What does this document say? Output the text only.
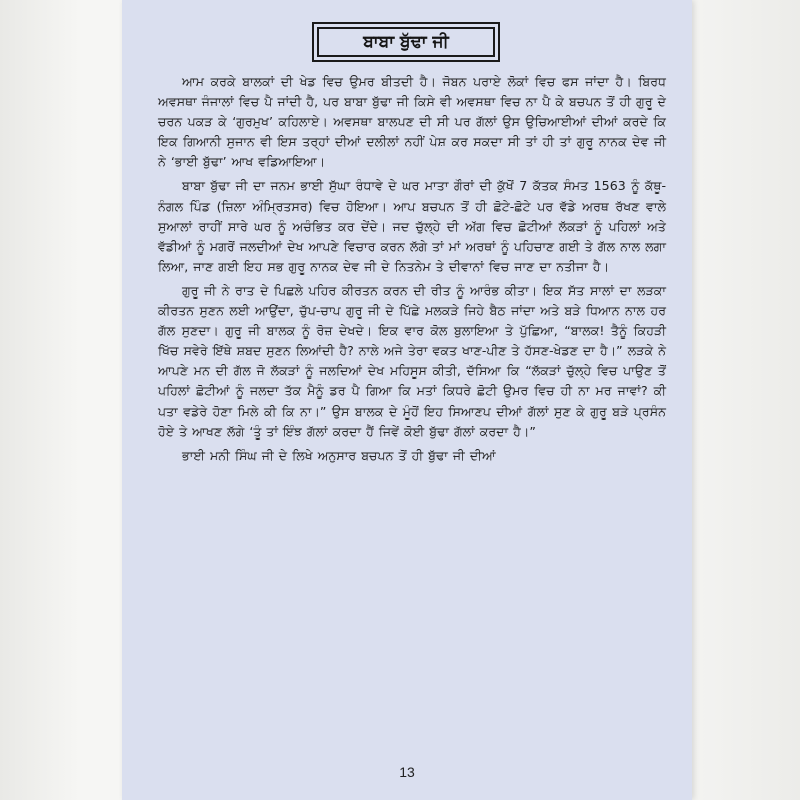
ਬਾਬਾ ਬੁੱਢਾ ਜੀ

ਆਮ ਕਰਕੇ ਬਾਲਕਾਂ ਦੀ ਖੇਡ ਵਿਚ ਉਮਰ ਬੀਤਦੀ ਹੈ। ਜੋਬਨ ਪਰਾਏ ਲੋਕਾਂ ਵਿਚ ਫਸ ਜਾਂਦਾ ਹੈ। ਬਿਰਧ ਅਵਸਥਾ ਜੰਜਾਲਾਂ ਵਿਚ ਪੈ ਜਾਂਦੀ ਹੈ, ਪਰ ਬਾਬਾ ਬੁੱਢਾ ਜੀ ਕਿਸੇ ਵੀ ਅਵਸਥਾ ਵਿਚ ਨਾ ਪੈ ਕੇ ਬਚਪਨ ਤੋਂ ਹੀ ਗੁਰੂ ਦੇ ਚਰਨ ਪਕੜ ਕੇ ‘ਗੁਰਮੁਖ’ ਕਹਿਲਾਏ। ਅਵਸਥਾ ਬਾਲਪਣ ਦੀ ਸੀ ਪਰ ਗੱਲਾਂ ਉਸ ਉਚਿਆਈਆਂ ਦੀਆਂ ਕਰਦੇ ਕਿ ਇਕ ਗਿਆਨੀ ਸੁਜਾਨ ਵੀ ਇਸ ਤਰ੍ਹਾਂ ਦੀਆਂ ਦਲੀਲਾਂ ਨਹੀਂ ਪੇਸ਼ ਕਰ ਸਕਦਾ ਸੀ ਤਾਂ ਹੀ ਤਾਂ ਗੁਰੂ ਨਾਨਕ ਦੇਵ ਜੀ ਨੇ ‘ਭਾਈ ਬੁੱਢਾ’ ਆਖ ਵਡਿਆਇਆ।

ਬਾਬਾ ਬੁੱਢਾ ਜੀ ਦਾ ਜਨਮ ਭਾਈ ਸੁੱਘਾ ਰੰਧਾਵੇ ਦੇ ਘਰ ਮਾਤਾ ਗੌਰਾਂ ਦੀ ਕੁੱਖੋਂ 7 ਕੱਤਕ ਸੰਮਤ 1563 ਨੂੰ ਕੱਥੂ-ਨੰਗਲ ਪਿੰਡ (ਜ਼ਿਲਾ ਅੰਮ੍ਰਿਤਸਰ) ਵਿਚ ਹੋਇਆ। ਆਪ ਬਚਪਨ ਤੋਂ ਹੀ ਛੋਟੇ-ਛੋਟੇ ਪਰ ਵੱਡੇ ਅਰਥ ਰੱਖਣ ਵਾਲੇ ਸੁਆਲਾਂ ਰਾਹੀਂ ਸਾਰੇ ਘਰ ਨੂੰ ਅਚੰਭਿਤ ਕਰ ਦੇਂਦੇ। ਜਦ ਚੁੱਲ੍ਹੇ ਦੀ ਅੱਗ ਵਿਚ ਛੋਟੀਆਂ ਲੱਕੜਾਂ ਨੂੰ ਪਹਿਲਾਂ ਅਤੇ ਵੱਡੀਆਂ ਨੂੰ ਮਗਰੋਂ ਜਲਦੀਆਂ ਦੇਖ ਆਪਣੇ ਵਿਚਾਰ ਕਰਨ ਲੱਗੇ ਤਾਂ ਮਾਂ ਅਰਥਾਂ ਨੂੰ ਪਹਿਚਾਣ ਗਈ ਤੇ ਗੱਲ ਨਾਲ ਲਗਾ ਲਿਆ, ਜਾਣ ਗਈ ਇਹ ਸਭ ਗੁਰੂ ਨਾਨਕ ਦੇਵ ਜੀ ਦੇ ਨਿਤਨੇਮ ਤੇ ਦੀਵਾਨਾਂ ਵਿਚ ਜਾਣ ਦਾ ਨਤੀਜਾ ਹੈ।

ਗੁਰੂ ਜੀ ਨੇ ਰਾਤ ਦੇ ਪਿਛਲੇ ਪਹਿਰ ਕੀਰਤਨ ਕਰਨ ਦੀ ਰੀਤ ਨੂੰ ਆਰੰਭ ਕੀਤਾ। ਇਕ ਸੱਤ ਸਾਲਾਂ ਦਾ ਲੜਕਾ ਕੀਰਤਨ ਸੁਣਨ ਲਈ ਆਉਂਦਾ, ਚੁੱਪ-ਚਾਪ ਗੁਰੂ ਜੀ ਦੇ ਪਿੱਛੇ ਮਲਕੜੇ ਜਿਹੇ ਬੈਠ ਜਾਂਦਾ ਅਤੇ ਬੜੇ ਧਿਆਨ ਨਾਲ ਹਰ ਗੱਲ ਸੁਣਦਾ। ਗੁਰੂ ਜੀ ਬਾਲਕ ਨੂੰ ਰੋਜ਼ ਦੇਖਦੇ। ਇਕ ਵਾਰ ਕੋਲ ਬੁਲਾਇਆ ਤੇ ਪੁੱਛਿਆ, “ਬਾਲਕ! ਤੈਨੂੰ ਕਿਹੜੀ ਖਿੱਚ ਸਵੇਰੇ ਇੱਥੇ ਸ਼ਬਦ ਸੁਣਨ ਲਿਆਂਦੀ ਹੈ? ਨਾਲੇ ਅਜੇ ਤੇਰਾ ਵਕਤ ਖਾਣ-ਪੀਣ ਤੇ ਹੱਸਣ-ਖੇਡਣ ਦਾ ਹੈ।” ਲੜਕੇ ਨੇ ਆਪਣੇ ਮਨ ਦੀ ਗੱਲ ਜੋ ਲੱਕੜਾਂ ਨੂੰ ਜਲਦਿਆਂ ਦੇਖ ਮਹਿਸੂਸ ਕੀਤੀ, ਦੱਸਿਆ ਕਿ “ਲੱਕੜਾਂ ਚੁੱਲ੍ਹੇ ਵਿਚ ਪਾਉਣ ਤੋਂ ਪਹਿਲਾਂ ਛੋਟੀਆਂ ਨੂੰ ਜਲਦਾ ਤੱਕ ਮੈਨੂੰ ਡਰ ਪੈ ਗਿਆ ਕਿ ਮਤਾਂ ਕਿਧਰੇ ਛੋਟੀ ਉਮਰ ਵਿਚ ਹੀ ਨਾ ਮਰ ਜਾਵਾਂ? ਕੀ ਪਤਾ ਵਡੇਰੇ ਹੋਣਾ ਮਿਲੇ ਕੀ ਕਿ ਨਾ।” ਉਸ ਬਾਲਕ ਦੇ ਮੂੰਹੋਂ ਇਹ ਸਿਆਣਪ ਦੀਆਂ ਗੱਲਾਂ ਸੁਣ ਕੇ ਗੁਰੂ ਬੜੇ ਪ੍ਰਸੰਨ ਹੋਏ ਤੇ ਆਖਣ ਲੱਗੇ ‘ਤੂੰ ਤਾਂ ਇੰਝ ਗੱਲਾਂ ਕਰਦਾ ਹੈਂ ਜਿਵੇਂ ਕੋਈ ਬੁੱਢਾ ਗੱਲਾਂ ਕਰਦਾ ਹੈ।”

ਭਾਈ ਮਨੀ ਸਿੰਘ ਜੀ ਦੇ ਲਿਖੇ ਅਨੁਸਾਰ ਬਚਪਨ ਤੋਂ ਹੀ ਬੁੱਢਾ ਜੀ ਦੀਆਂ

13
